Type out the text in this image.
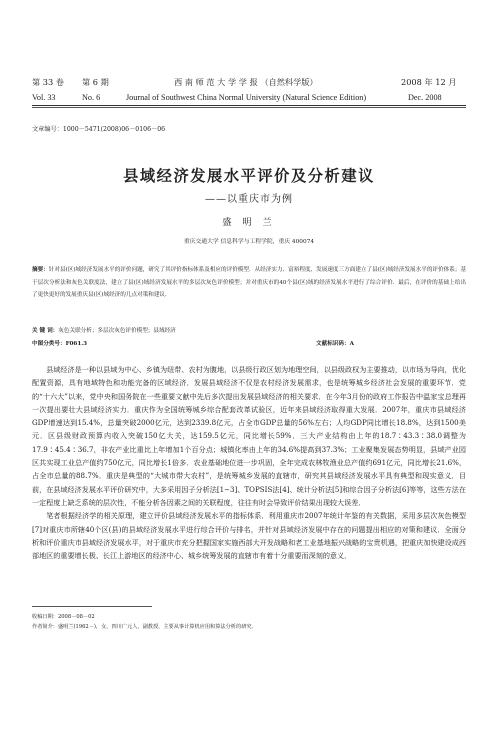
第 33 卷 第 6 期	西 南 师 范 大 学 学 报 （自然科学版）	2008 年 12 月
Vol. 33	No. 6	Journal of Southwest China Normal University (Natural Science Edition)	Dec. 2008
文章编号：1000－5471(2008)06－0106－06
县域经济发展水平评价及分析建议
——以重庆市为例
盛 明 兰
重庆交通大学 信息科学与工程学院，重庆 400074
摘要：针对县(区)域经济发展水平的评价问题，研究了其评价指标体系及相应的评价模型．从经济实力、富裕程度、发展速度三方面建立了县(区)域经济发展水平的评价体系；基于层次分析法和灰色关联度法，建立了县(区)域经济发展水平的多层次灰色评价模型；并对重庆市的40个县(区)域的经济发展水平进行了综合评价．最后，在评价的基础上给出了更快更好的发展重庆县(区)域经济的几点对策和建议．
关 键 词：灰色关联分析；多层次灰色评价模型；县域经济
中图分类号：F061.3	文献标识码：A

县域经济是一种以县域为中心、乡镇为纽带、农村为腹地，以县级行政区划为地理空间，以县级政权为主要推动，以市场为导向，优化配置资源，具有地域特色和功能完备的区域经济．发展县域经济不仅是农村经济发展需求，也是统筹城乡经济社会发展的重要环节．党的“十六大”以来，党中央和国务院在一些重要文献中先后多次提出发展县域经济的相关要求．在今年3月份的政府工作报告中温家宝总理再一次提出要壮大县域经济实力．重庆作为全国统筹城乡综合配套改革试验区，近年来县域经济取得重大发展．2007年，重庆市县域经济GDP增速达到15.4%，总量突破2000亿元，达到2339.8亿元，占全市GDP总量的56%左右；人均GDP同比增长18.8%，达到1500美元．区县级财政预算内收入突破150亿大关，达159.5亿元，同比增长59%．三大产业结构由上年的18.7∶43.3∶38.0调整为17.9∶45.4∶36.7，非农产业比重比上年增加1个百分点；城镇化率由上年的34.6%提高到37.3%；工业聚集发展态势明显，县域产业园区共实现工业总产值约750亿元，同比增长1倍多．农业基础地位进一步巩固，全年完成农林牧渔业总产值约691亿元，同比增长21.6%，占全市总量的88.7%．重庆是典型的“大城市带大农村”，是统筹城乡发展的直辖市，研究其县域经济发展水平具有典型和现实意义．目前，在县域经济发展水平评价研究中，大多采用因子分析法[1−3]、TOPSIS法[4]、统计分析法[5]和综合因子分析法[6]等等，这些方法在一定程度上缺乏系统的层次性，不能分析各因素之间的关联程度，往往有时会导致评价结果出现较大误差．

笔者根据经济学的相关原理，建立评价县域经济发展水平的指标体系．利用重庆市2007年统计年鉴的有关数据，采用多层次灰色模型[7]对重庆市所辖40个区(县)的县域经济发展水平进行综合评价与排名，并针对县域经济发展中存在的问题提出相应的对策和建议．全面分析和评价重庆市县域经济发展水平，对于重庆市充分把握国家实施西部大开发战略和老工业基地振兴战略的宝贵机遇，把重庆加快建设成西部地区的重要增长极、长江上游地区的经济中心、城乡统筹发展的直辖市有着十分重要而深刻的意义．

收稿日期：2008－08－02
作者简介：盛明兰(1962－)，女，四川广元人，副教授，主要从事计算机应用和算法分析的研究．
